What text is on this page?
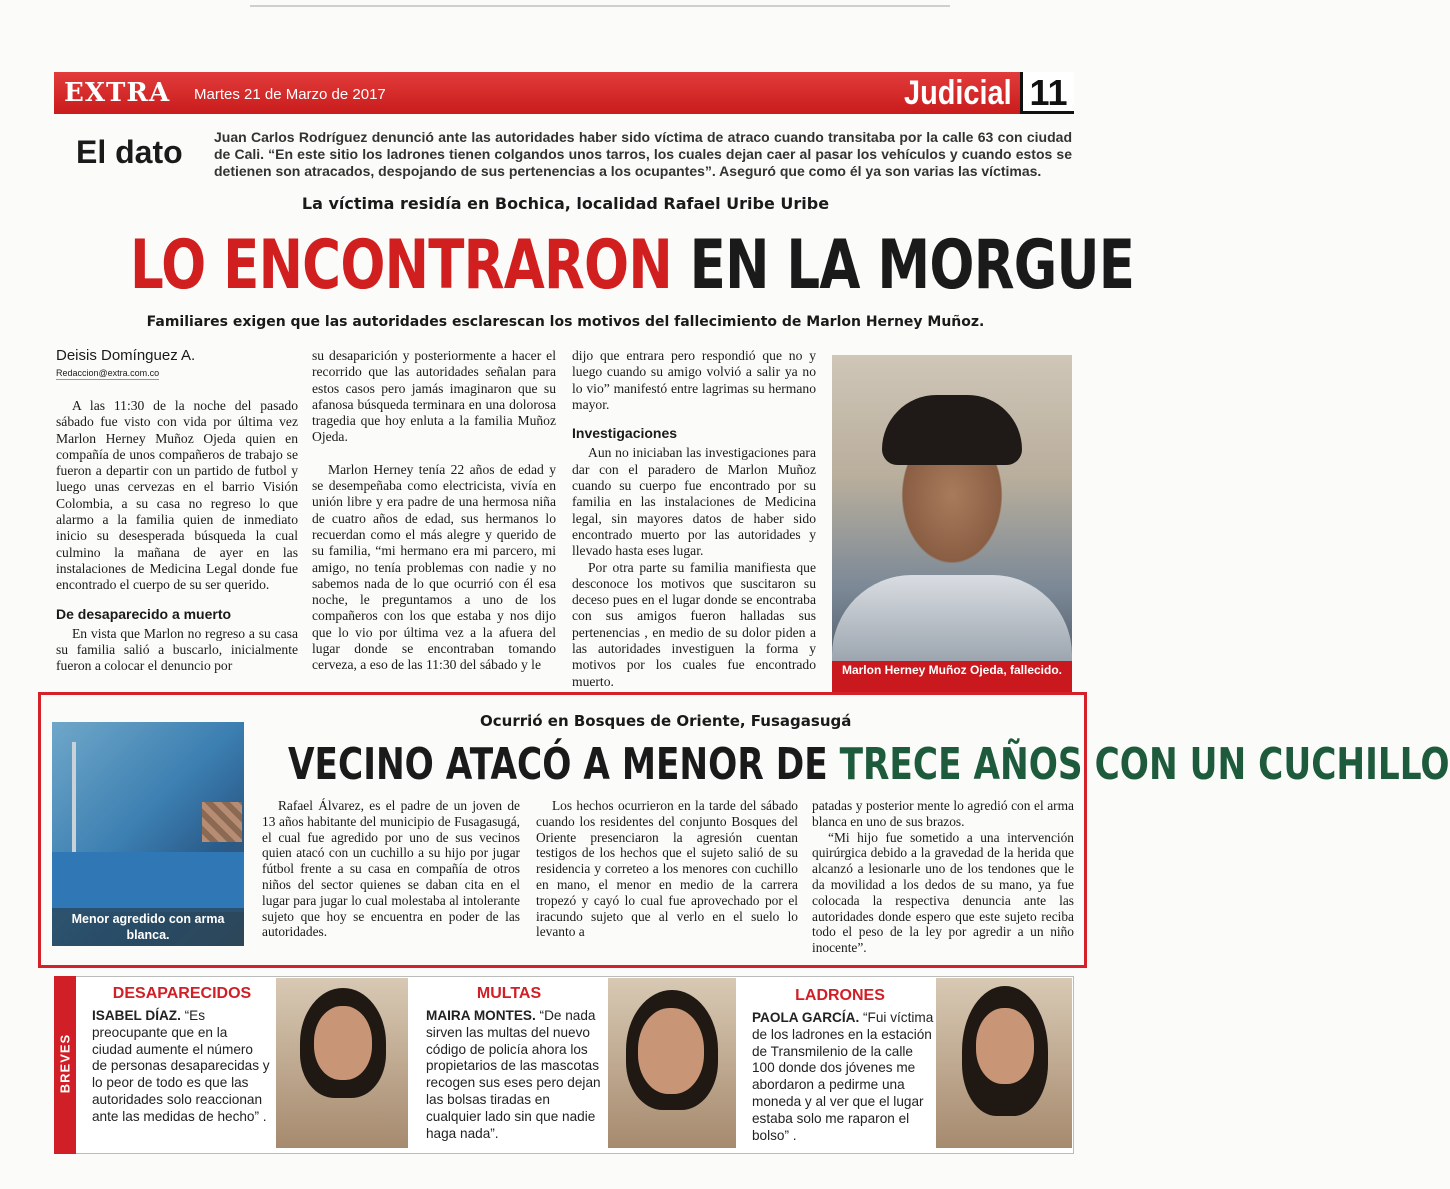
EXTRA Martes 21 de Marzo de 2017	Judicial 11
El dato Juan Carlos Rodríguez denunció ante las autoridades haber sido víctima de atraco cuando transitaba por la calle 63 con ciudad de Cali. “En este sitio los ladrones tienen colgandos unos tarros, los cuales dejan caer al pasar los vehículos y cuando estos se detienen son atracados, despojando de sus pertenencias a los ocupantes”. Aseguró que como él ya son varias las víctimas.
La víctima residía en Bochica, localidad Rafael Uribe Uribe
LO ENCONTRARON EN LA MORGUE
Familiares exigen que las autoridades esclarescan los motivos del fallecimiento de Marlon Herney Muñoz.
Deisis Domínguez A.
Redaccion@extra.com.co

A las 11:30 de la noche del pasado sábado fue visto con vida por última vez Marlon Herney Muñoz Ojeda quien en compañía de unos compañeros de trabajo se fueron a departir con un partido de futbol y luego unas cervezas en el barrio Visión Colombia, a su casa no regreso lo que alarmo a la familia quien de inmediato inicio su desesperada búsqueda la cual culmino la mañana de ayer en las instalaciones de Medicina Legal donde fue encontrado el cuerpo de su ser querido.

De desaparecido a muerto

En vista que Marlon no regreso a su casa su familia salió a buscarlo, inicialmente fueron a colocar el denuncio por

su desaparición y posteriormente a hacer el recorrido que las autoridades señalan para estos casos pero jamás imaginaron que su afanosa búsqueda terminara en una dolorosa tragedia que hoy enluta a la familia Muñoz Ojeda.

Marlon Herney tenía 22 años de edad y se desempeñaba como electricista, vivía en unión libre y era padre de una hermosa niña de cuatro años de edad, sus hermanos lo recuerdan como el más alegre y querido de su familia, “mi hermano era mi parcero, mi amigo, no tenía problemas con nadie y no sabemos nada de lo que ocurrió con él esa noche, le preguntamos a uno de los compañeros con los que estaba y nos dijo que lo vio por última vez a la afuera del lugar donde se encontraban tomando cerveza, a eso de las 11:30 del sábado y le

dijo que entrara pero respondió que no y luego cuando su amigo volvió a salir ya no lo vio” manifestó entre lagrimas su hermano mayor.

Investigaciones

Aun no iniciaban las investigaciones para dar con el paradero de Marlon Muñoz cuando su cuerpo fue encontrado por su familia en las instalaciones de Medicina legal, sin mayores datos de haber sido encontrado muerto por las autoridades y llevado hasta eses lugar.

Por otra parte su familia manifiesta que desconoce los motivos que suscitaron su deceso pues en el lugar donde se encontraba con sus amigos fueron halladas sus pertenencias , en medio de su dolor piden a las autoridades investiguen la forma y motivos por los cuales fue encontrado muerto.

Marlon Herney Muñoz Ojeda, fallecido.
Menor agredido con arma blanca.
Ocurrió en Bosques de Oriente, Fusagasugá
VECINO ATACÓ A MENOR DE TRECE AÑOS CON UN CUCHILLO

Rafael Álvarez, es el padre de un joven de 13 años habitante del municipio de Fusagasugá, el cual fue agredido por uno de sus vecinos quien atacó con un cuchillo a su hijo por jugar fútbol frente a su casa en compañía de otros niños del sector quienes se daban cita en el lugar para jugar lo cual molestaba al intolerante sujeto que hoy se encuentra en poder de las autoridades.

Los hechos ocurrieron en la tarde del sábado cuando los residentes del conjunto Bosques del Oriente presenciaron la agresión cuentan testigos de los hechos que el sujeto salió de su residencia y correteo a los menores con cuchillo en mano, el menor en medio de la carrera tropezó y cayó lo cual fue aprovechado por el iracundo sujeto que al verlo en el suelo lo levanto a

patadas y posterior mente lo agredió con el arma blanca en uno de sus brazos.

“Mi hijo fue sometido a una intervención quirúrgica debido a la gravedad de la herida que alcanzó a lesionarle uno de los tendones que le da movilidad a los dedos de su mano, ya fue colocada la respectiva denuncia ante las autoridades donde espero que este sujeto reciba todo el peso de la ley por agredir a un niño inocente”.

BREVES
DESAPARECIDOS
ISABEL DÍAZ. “Es preocupante que en la ciudad aumente el número de personas desaparecidas y lo peor de todo es que las autoridades solo reaccionan ante las medidas de hecho” .
MULTAS
MAIRA MONTES. “De nada sirven las multas del nuevo código de policía ahora los propietarios de las mascotas recogen sus eses pero dejan las bolsas tiradas en cualquier lado sin que nadie haga nada”.
LADRONES
PAOLA GARCÍA. “Fui víctima de los ladrones en la estación de Transmilenio de la calle 100 donde dos jóvenes me abordaron a pedirme una moneda y al ver que el lugar estaba solo me raparon el bolso” .
